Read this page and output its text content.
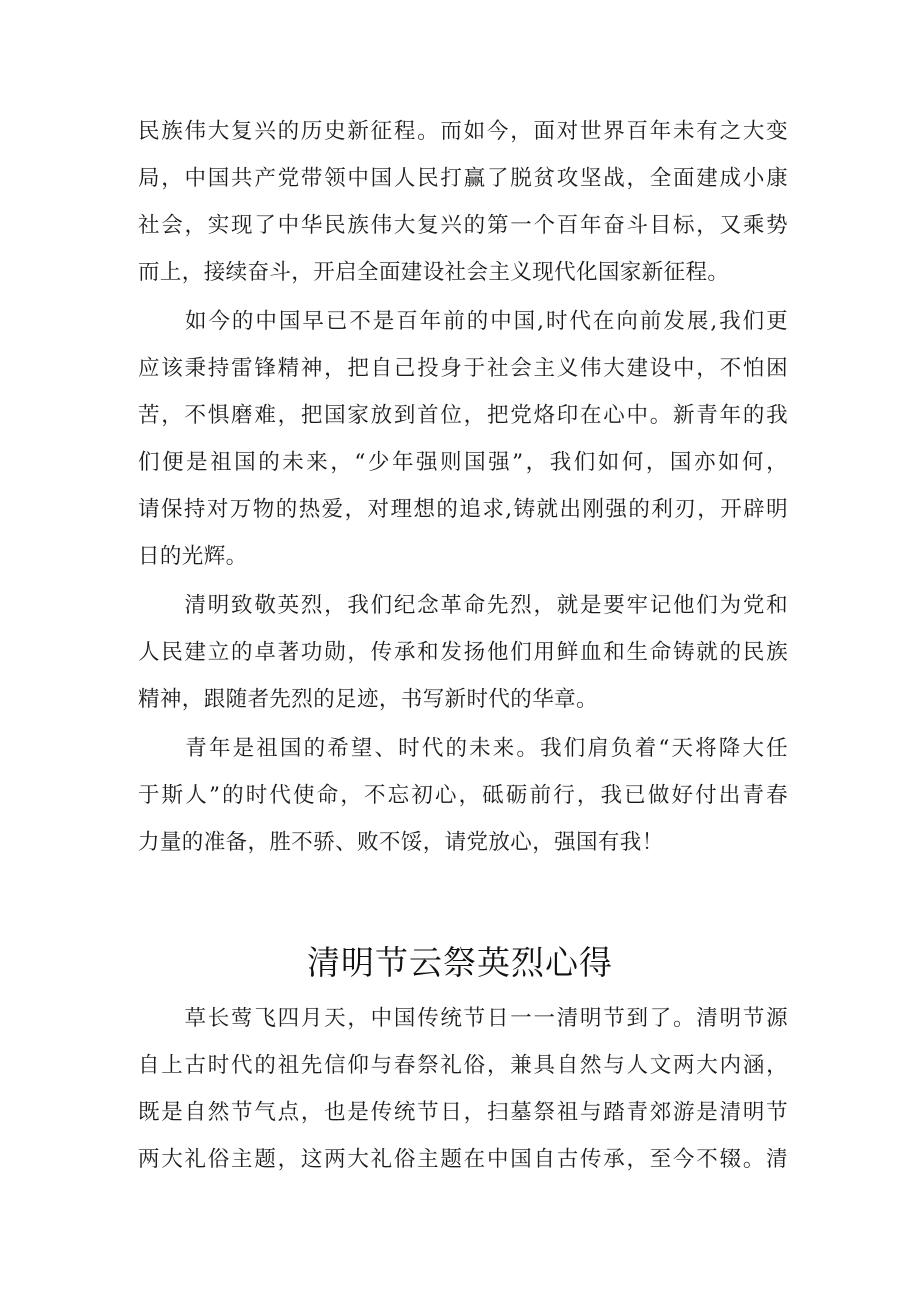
民族伟大复兴的历史新征程。而如今，面对世界百年未有之大变
局，中国共产党带领中国人民打赢了脱贫攻坚战，全面建成小康
社会，实现了中华民族伟大复兴的第一个百年奋斗目标，又乘势
而上，接续奋斗，开启全面建设社会主义现代化国家新征程。
　　如今的中国早已不是百年前的中国,时代在向前发展,我们更
应该秉持雷锋精神，把自己投身于社会主义伟大建设中，不怕困
苦，不惧磨难，把国家放到首位，把党烙印在心中。新青年的我
们便是祖国的未来，“少年强则国强”，我们如何，国亦如何，
请保持对万物的热爱，对理想的追求,铸就出刚强的利刃，开辟明
日的光辉。
　　清明致敬英烈，我们纪念革命先烈，就是要牢记他们为党和
人民建立的卓著功勋，传承和发扬他们用鲜血和生命铸就的民族
精神，跟随者先烈的足迹，书写新时代的华章。
　　青年是祖国的希望、时代的未来。我们肩负着“天将降大任
于斯人”的时代使命，不忘初心，砥砺前行，我已做好付出青春
力量的准备，胜不骄、败不馁，请党放心，强国有我！
清明节云祭英烈心得
　　草长莺飞四月天，中国传统节日一一清明节到了。清明节源
自上古时代的祖先信仰与春祭礼俗，兼具自然与人文两大内涵，
既是自然节气点，也是传统节日，扫墓祭祖与踏青郊游是清明节
两大礼俗主题，这两大礼俗主题在中国自古传承，至今不辍。清
